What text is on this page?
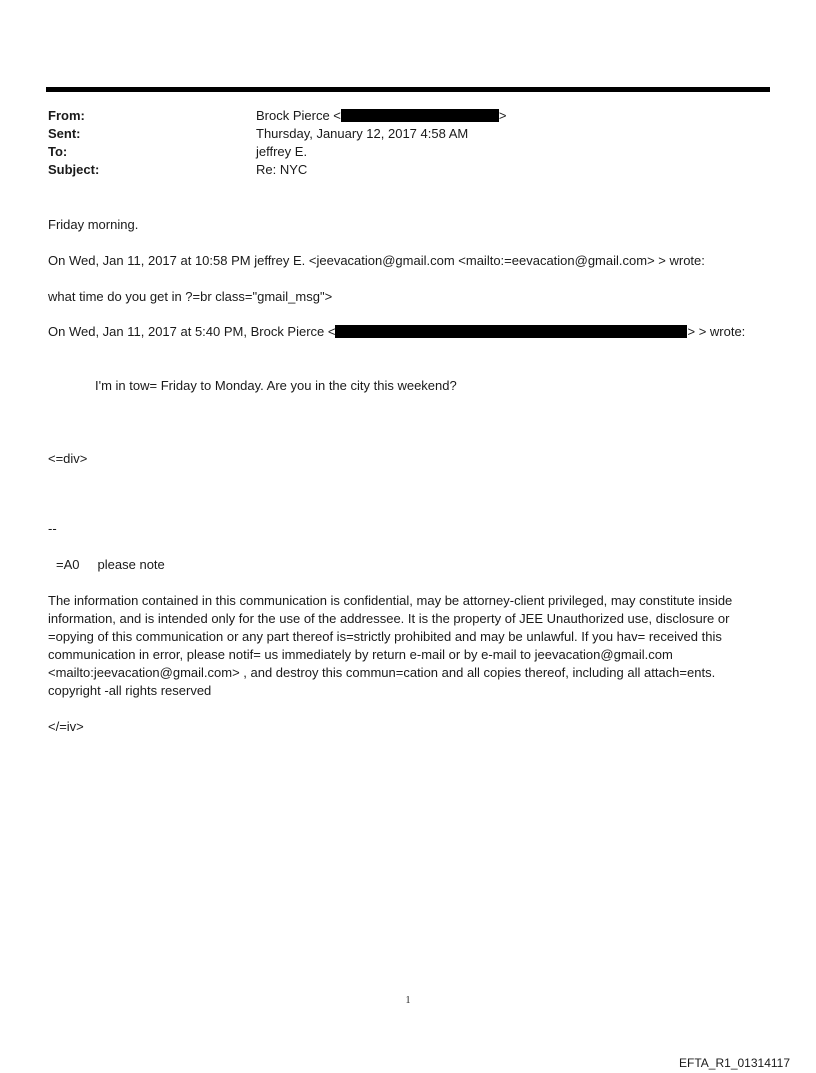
From:	Brock Pierce <	>
Sent:	Thursday, January 12, 2017 4:58 AM
To:	jeffrey E.
Subject:	Re: NYC
Friday morning.
On Wed, Jan 11, 2017 at 10:58 PM jeffrey E. <jeevacation@gmail.com <mailto:=eevacation@gmail.com> > wrote:
what time do you get in ?=br class="gmail_msg">
On Wed, Jan 11, 2017 at 5:40 PM, Brock Pierce <	> > wrote:
I'm in tow= Friday to Monday. Are you in the city this weekend?
<=div>
--
=A0     please note
The information contained in this communication is confidential, may be attorney-client privileged, may constitute inside information, and is intended only for the use of the addressee. It is the property of JEE Unauthorized use, disclosure or =opying of this communication or any part thereof is=strictly prohibited and may be unlawful. If you hav= received this communication in error, please notif= us immediately by return e-mail or by e-mail to jeevacation@gmail.com <mailto:jeevacation@gmail.com> , and destroy this commun=cation and all copies thereof, including all attach=ents. copyright -all rights reserved
</=iv>
1
EFTA_R1_01314117
